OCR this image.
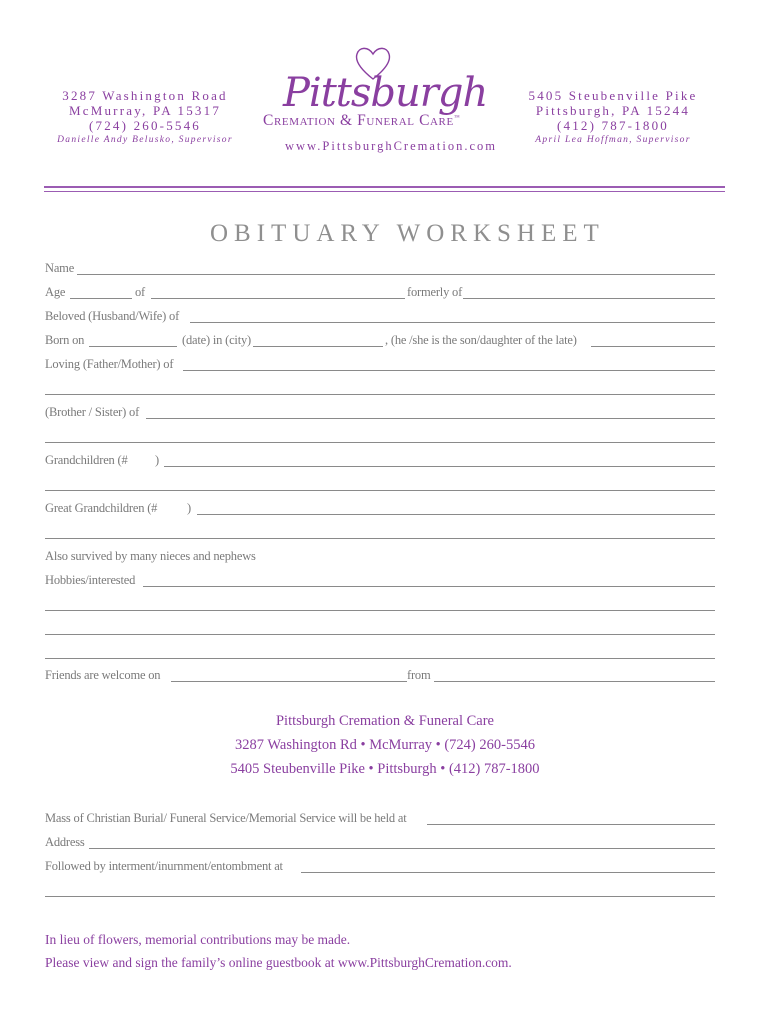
3287 Washington Road
McMurray, PA 15317
(724) 260-5546
Danielle Andy Belusko, Supervisor
Pittsburgh
Cremation & Funeral Care™
www.PittsburghCremation.com
5405 Steubenville Pike
Pittsburgh, PA 15244
(412) 787-1800
April Lea Hoffman, Supervisor
OBITUARY WORKSHEET
Name
Age	of	formerly of
Beloved (Husband/Wife) of
Born on	(date) in (city)	, (he /she is the son/daughter of the late)
Loving (Father/Mother) of
(Brother / Sister) of
Grandchildren (# )
Great Grandchildren (# )
Also survived by many nieces and nephews
Hobbies/interested
Friends are welcome on	from
Pittsburgh Cremation & Funeral Care
3287 Washington Rd • McMurray • (724) 260-5546
5405 Steubenville Pike • Pittsburgh • (412) 787-1800
Mass of Christian Burial/ Funeral Service/Memorial Service will be held at
Address
Followed by interment/inurnment/entombment at
In lieu of flowers, memorial contributions may be made.
Please view and sign the family’s online guestbook at www.PittsburghCremation.com.
